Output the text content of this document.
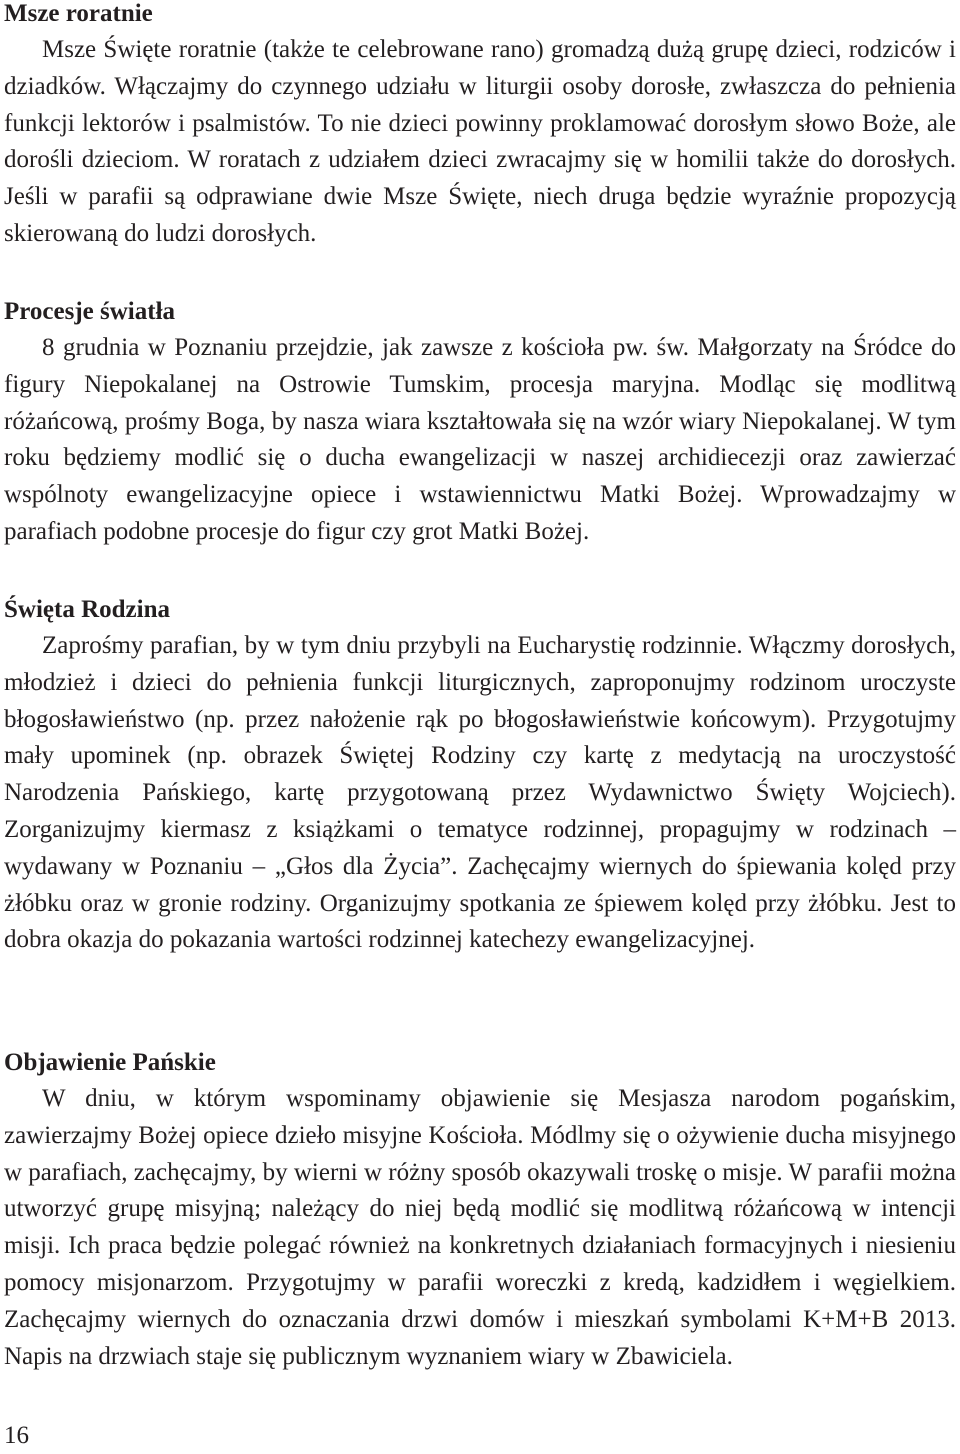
Msze roratnie

Msze Święte roratnie (także te celebrowane rano) gromadzą dużą grupę dzieci, rodziców i dziadków. Włączajmy do czynnego udziału w liturgii osoby dorosłe, zwłaszcza do pełnienia funkcji lektorów i psalmistów. To nie dzieci powinny proklamować dorosłym słowo Boże, ale dorośli dzieciom. W roratach z udziałem dzieci zwracajmy się w homilii także do dorosłych. Jeśli w parafii są odprawiane dwie Msze Święte, niech druga będzie wyraźnie propozycją skierowaną do ludzi dorosłych.

Procesje światła

8 grudnia w Poznaniu przejdzie, jak zawsze z kościoła pw. św. Małgorzaty na Śródce do figury Niepokalanej na Ostrowie Tumskim, procesja maryjna. Modląc się modlitwą różańcową, prośmy Boga, by nasza wiara kształtowała się na wzór wiary Niepokalanej. W tym roku będziemy modlić się o ducha ewangelizacji w naszej archidiecezji oraz zawierzać wspólnoty ewangelizacyjne opiece i wstawiennictwu Matki Bożej. Wprowadzajmy w parafiach podobne procesje do figur czy grot Matki Bożej.

Święta Rodzina

Zaprośmy parafian, by w tym dniu przybyli na Eucharystię rodzinnie. Włączmy dorosłych, młodzież i dzieci do pełnienia funkcji liturgicznych, zaproponujmy rodzinom uroczyste błogosławieństwo (np. przez nałożenie rąk po błogosławieństwie końcowym). Przygotujmy mały upominek (np. obrazek Świętej Rodziny czy kartę z medytacją na uroczystość Narodzenia Pańskiego, kartę przygotowaną przez Wydawnictwo Święty Wojciech). Zorganizujmy kiermasz z książkami o tematyce rodzinnej, propagujmy w rodzinach – wydawany w Poznaniu – „Głos dla Życia”. Zachęcajmy wiernych do śpiewania kolęd przy żłóbku oraz w gronie rodziny. Organizujmy spotkania ze śpiewem kolęd przy żłóbku. Jest to dobra okazja do pokazania wartości rodzinnej katechezy ewangelizacyjnej.

Objawienie Pańskie

W dniu, w którym wspominamy objawienie się Mesjasza narodom pogańskim, zawierzajmy Bożej opiece dzieło misyjne Kościoła. Módlmy się o ożywienie ducha misyjnego w parafiach, zachęcajmy, by wierni w różny sposób okazywali troskę o misje. W parafii można utworzyć grupę misyjną; należący do niej będą modlić się modlitwą różańcową w intencji misji. Ich praca będzie polegać również na konkretnych działaniach formacyjnych i niesieniu pomocy misjonarzom. Przygotujmy w parafii woreczki z kredą, kadzidłem i węgielkiem. Zachęcajmy wiernych do oznaczania drzwi domów i mieszkań symbolami K+M+B 2013. Napis na drzwiach staje się publicznym wyznaniem wiary w Zbawiciela.

16
